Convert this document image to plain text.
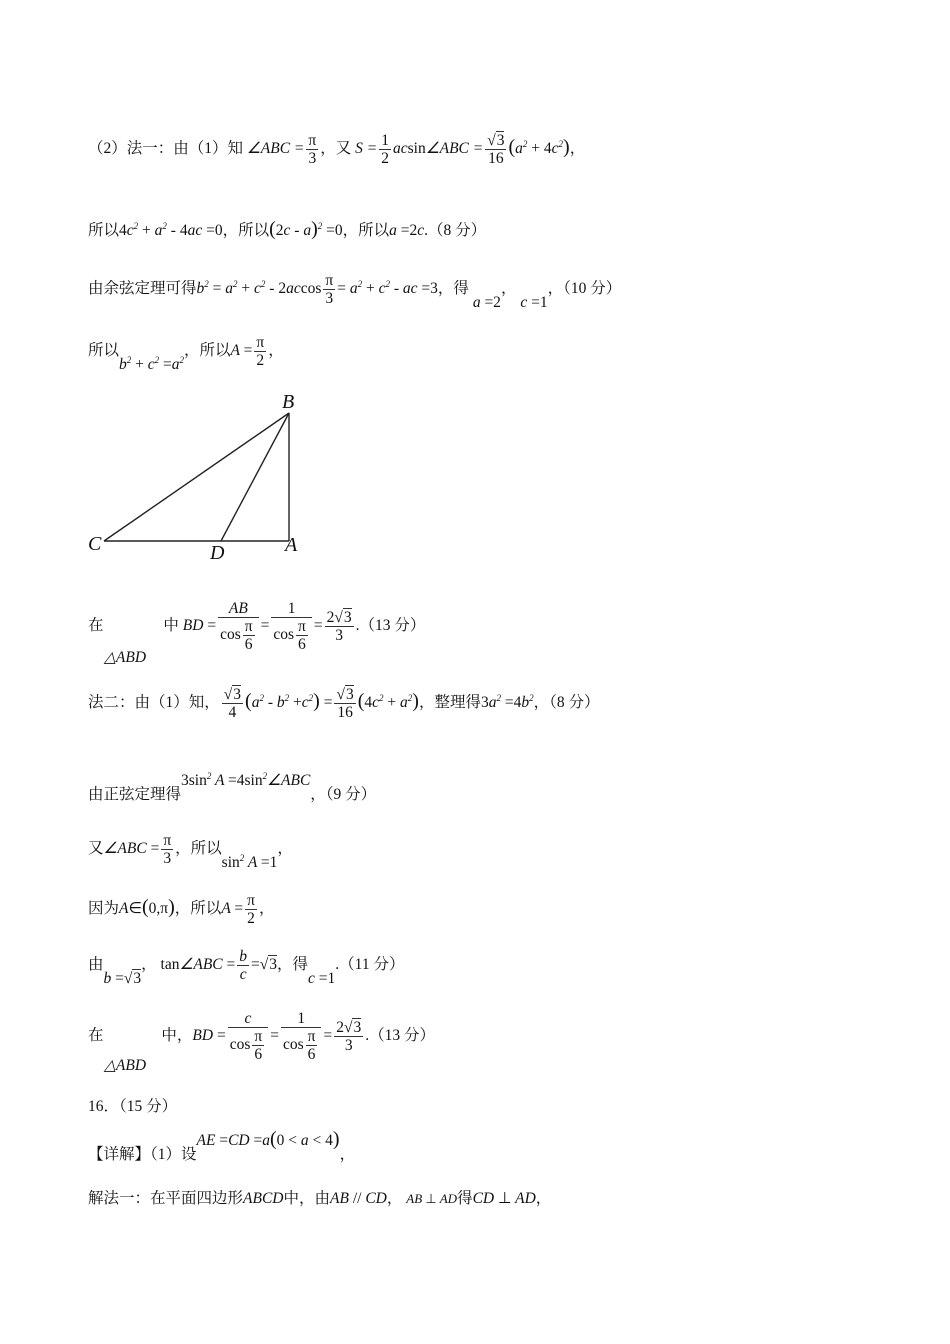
（2）法一：由（1）知 ∠ABC = $\frac{\pi}{3}$ ，又 $S = \frac{1}{2}$ acsin∠ABC = $\frac{√3}{16} (a^2 + 4c^2)$，
所以$4c^2 + a^2 - 4ac =0$，所以(2c - a)$^2$ =0，所以a =2c.（8 分）
由余弦定理可得$b^2 = a^2 + c^2 - 2accos \frac{\pi}{3} = a^2 + c^2$ - ac =3，得 a =2， c =1，（10 分）
所以$b^2 + c^2 =a^2$，所以$A = \frac{\pi}{2}$ ，
B
C	D	A
在
△ABD
中 BD = $\frac{AB}{\cos \frac{\pi}{6}} = \frac{1}{\cos \frac{\pi}{6}} = \frac{2√3}{3} .(13$ 分）
法二：由（1）知， $\frac{√3}{4} (a^2 - b^2 +c^2) = \frac{√3}{16} (4c^2 + a^2)$，整理得$3a^2 =4b^2$，（8 分）
由正弦定理得$3\sin^2$ $A =4\sin^2\angle ABC$，（9 分）
又∠ABC = $\frac{\pi}{3}$ ，所以$\sin^2 A =1$，
因为A∈(0,π)，所以$A = \frac{\pi}{2}$ ，
由b =√3， tan∠ABC = $\frac{b}{c} =√3$，得c =1.（11 分）
在
△ABD
中，BD = $\frac{c}{\cos \frac{\pi}{6}} = \frac{1}{\cos \frac{\pi}{6}} = \frac{2√3}{3} .(13$ 分）
16．（15 分）
【详解】（1）设AE =CD =a(0 < a < 4)，
解法一：在平面四边形ABCD中，由AB // CD， AB ⊥ AD得CD ⊥ AD，
